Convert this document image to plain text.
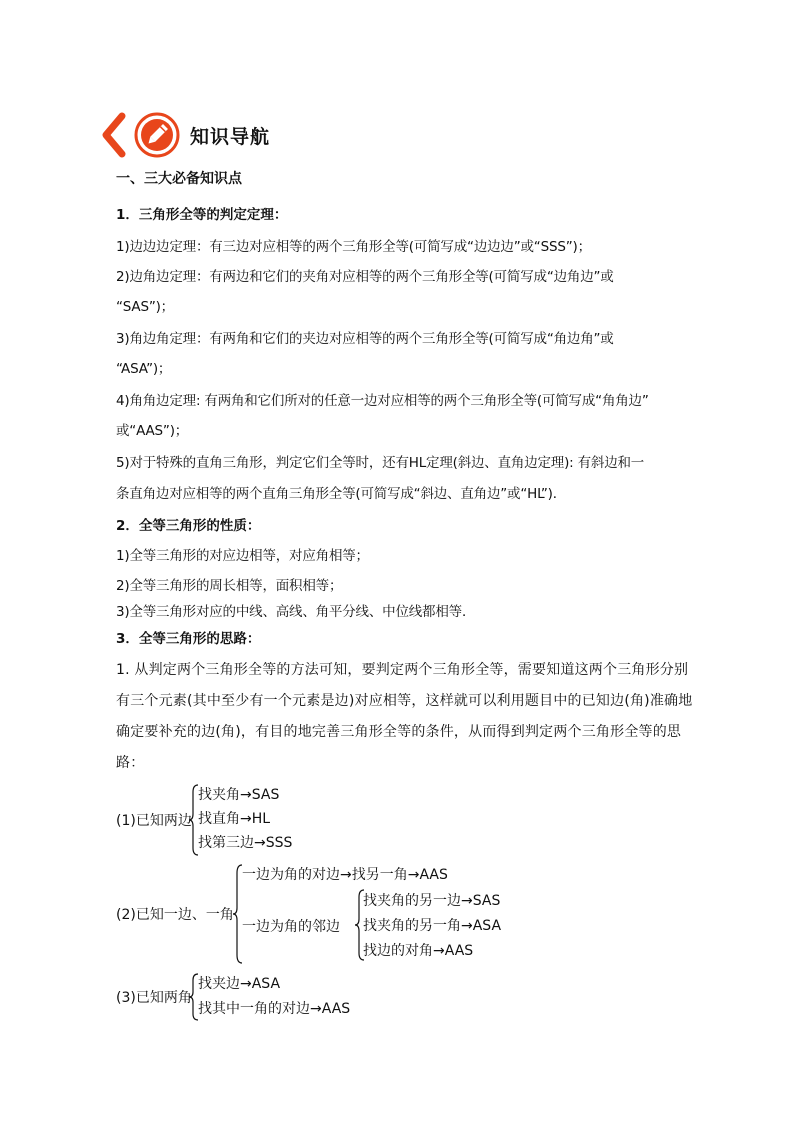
知识导航
一、三大必备知识点
1．三角形全等的判定定理：
1)边边边定理：有三边对应相等的两个三角形全等(可简写成“边边边”或“SSS”)；
2)边角边定理：有两边和它们的夹角对应相等的两个三角形全等(可简写成“边角边”或
“SAS”)；
3)角边角定理：有两角和它们的夹边对应相等的两个三角形全等(可简写成“角边角”或
“ASA”)；
4)角角边定理: 有两角和它们所对的任意一边对应相等的两个三角形全等(可简写成“角角边”
或“AAS”)；
5)对于特殊的直角三角形，判定它们全等时，还有HL定理(斜边、直角边定理): 有斜边和一
条直角边对应相等的两个直角三角形全等(可简写成“斜边、直角边”或“HL”)．
2．全等三角形的性质：
1)全等三角形的对应边相等，对应角相等；
2)全等三角形的周长相等，面积相等；
3)全等三角形对应的中线、高线、角平分线、中位线都相等．
3．全等三角形的思路：
1. 从判定两个三角形全等的方法可知，要判定两个三角形全等，需要知道这两个三角形分别
有三个元素(其中至少有一个元素是边)对应相等，这样就可以利用题目中的已知边(角)准确地
确定要补充的边(角)，有目的地完善三角形全等的条件，从而得到判定两个三角形全等的思
路：
(1)已知两边
找夹角→SAS
找直角→HL
找第三边→SSS
(2)已知一边、一角
一边为角的对边→找另一角→AAS
一边为角的邻边
找夹角的另一边→SAS
找夹角的另一角→ASA
找边的对角→AAS
(3)已知两角
找夹边→ASA
找其中一角的对边→AAS
